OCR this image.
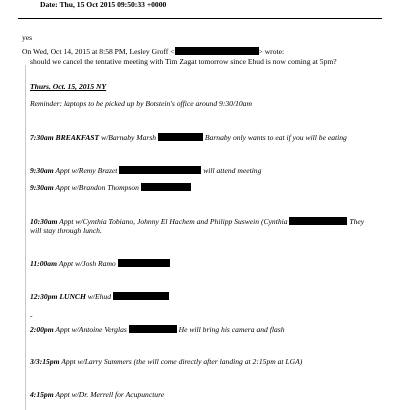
Date: Thu, 15 Oct 2015 09:50:33 +0000
yes
On Wed, Oct 14, 2015 at 8:58 PM, Lesley Groff <	> wrote:
should we cancel the tentative meeting with Tim Zagat tomorrow since Ehud is now coming at 5pm?
Thurs. Oct. 15, 2015 NY
Reminder: laptops to be picked up by Botstein's office around 9:30/10am
7:30am BREAKFAST w/Barnaby Marsh	Barnaby only wants to eat if you will be eating
9:30am Appt w/Remy Brazet	will attend meeting
9:30am Appt w/Brandon Thompson
10:30am Appt w/Cynthia Tobiano, Johnny El Hachem and Philipp Suswein (Cynthia	They
will stay through lunch.
11:00am Appt w/Josh Ramo
12:30pm LUNCH w/Ehud
-
2:00pm Appt w/Antoine Verglas	He will bring his camera and flash
3/3:15pm Appt w/Larry Summers (the will come directly after landing at 2:15pm at LGA)
4:15pm Appt w/Dr. Merrell for Acupuncture
